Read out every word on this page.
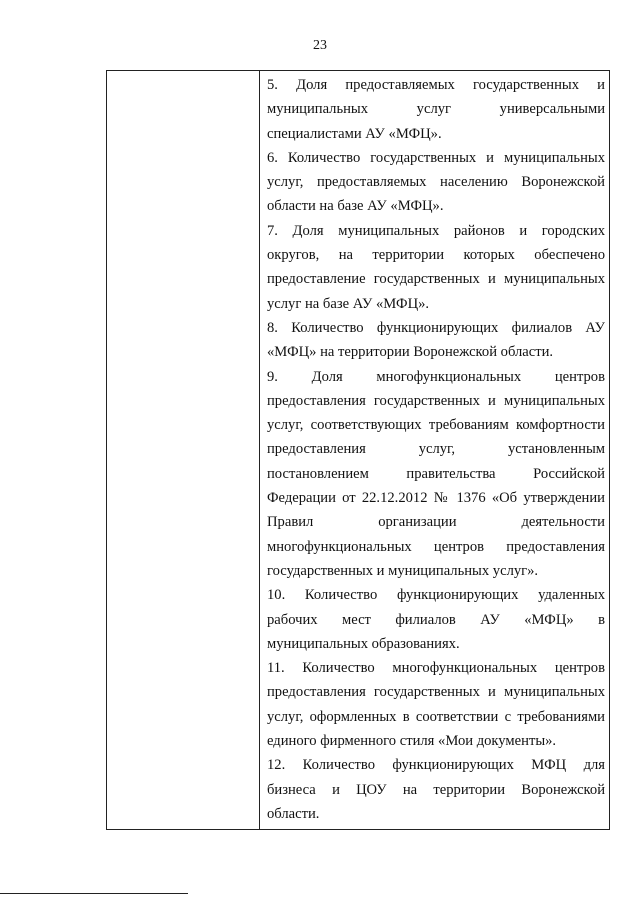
23

5. Доля предоставляемых государственных и
муниципальных услуг универсальными
специалистами АУ «МФЦ».

6. Количество государственных и муниципальных
услуг, предоставляемых населению Воронежской
области на базе АУ «МФЦ».

7. Доля муниципальных районов и городских
округов, на территории которых обеспечено
предоставление государственных и муниципальных
услуг на базе АУ «МФЦ».

8. Количество функционирующих филиалов АУ
«МФЦ» на территории Воронежской области.

9. Доля многофункциональных центров
предоставления государственных и муниципальных
услуг, соответствующих требованиям комфортности
предоставления услуг, установленным
постановлением правительства Российской
Федерации от 22.12.2012 № 1376 «Об утверждении
Правил организации деятельности
многофункциональных центров предоставления
государственных и муниципальных услуг».

10. Количество функционирующих удаленных
рабочих мест филиалов АУ «МФЦ» в
муниципальных образованиях.

11. Количество многофункциональных центров
предоставления государственных и муниципальных
услуг, оформленных в соответствии с требованиями
единого фирменного стиля «Мои документы».

12. Количество функционирующих МФЦ для
бизнеса и ЦОУ на территории Воронежской
области.
